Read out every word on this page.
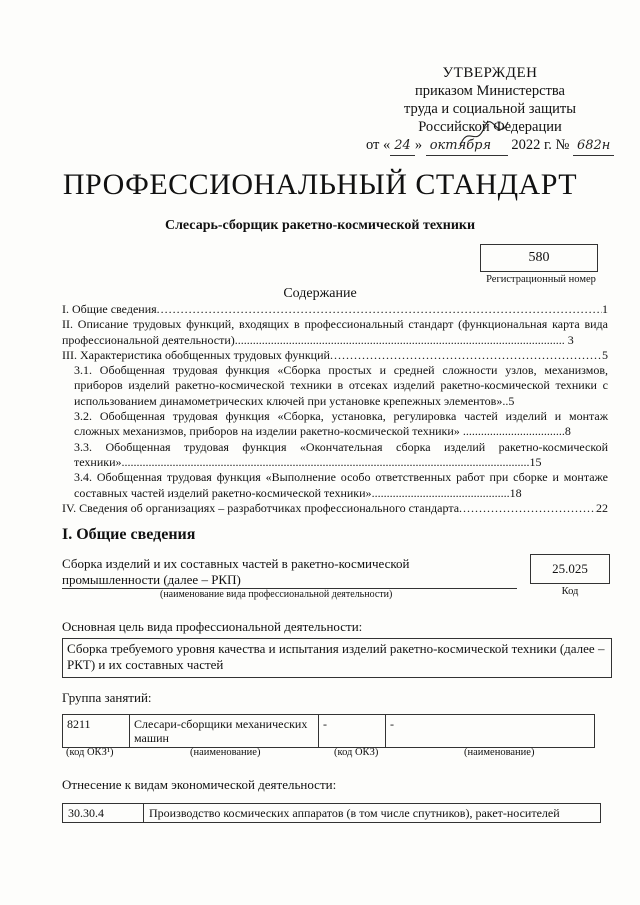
УТВЕРЖДЕН
приказом Министерства
труда и социальной защиты
Российской Федерации
от « 24 » октября 2022 г. № 682н
ПРОФЕССИОНАЛЬНЫЙ СТАНДАРТ
Слесарь-сборщик ракетно-космической техники
580
Регистрационный номер
Содержание
I. Общие сведения .....	1
II. Описание трудовых функций, входящих в профессиональный стандарт (функциональная карта вида профессиональной деятельности).............................................................................................................. 3
III. Характеристика обобщенных трудовых функций .....	5
3.1. Обобщенная трудовая функция «Сборка простых и средней сложности узлов, механизмов, приборов изделий ракетно-космической техники в отсеках изделий ракетно-космической техники с использованием динамометрических ключей при установке крепежных элементов»..5
3.2. Обобщенная трудовая функция «Сборка, установка, регулировка частей изделий и монтаж сложных механизмов, приборов на изделии ракетно-космической техники» ..................................8
3.3. Обобщенная трудовая функция «Окончательная сборка изделий ракетно-космической техники»........................................................................................................................................15
3.4. Обобщенная трудовая функция «Выполнение особо ответственных работ при сборке и монтаже составных частей изделий ракетно-космической техники»..............................................18
IV. Сведения об организациях – разработчиках профессионального стандарта .....	22
I. Общие сведения
Сборка изделий и их составных частей в ракетно-космической промышленности (далее – РКП)
(наименование вида профессиональной деятельности)
25.025
Код
Основная цель вида профессиональной деятельности:
Сборка требуемого уровня качества и испытания изделий ракетно-космической техники (далее – РКТ) и их составных частей
Группа занятий:
8211	Слесари-сборщики механических машин	-	-
(код ОКЗ¹)	(наименование)	(код ОКЗ)	(наименование)
Отнесение к видам экономической деятельности:
30.30.4	Производство космических аппаратов (в том числе спутников), ракет-носителей
